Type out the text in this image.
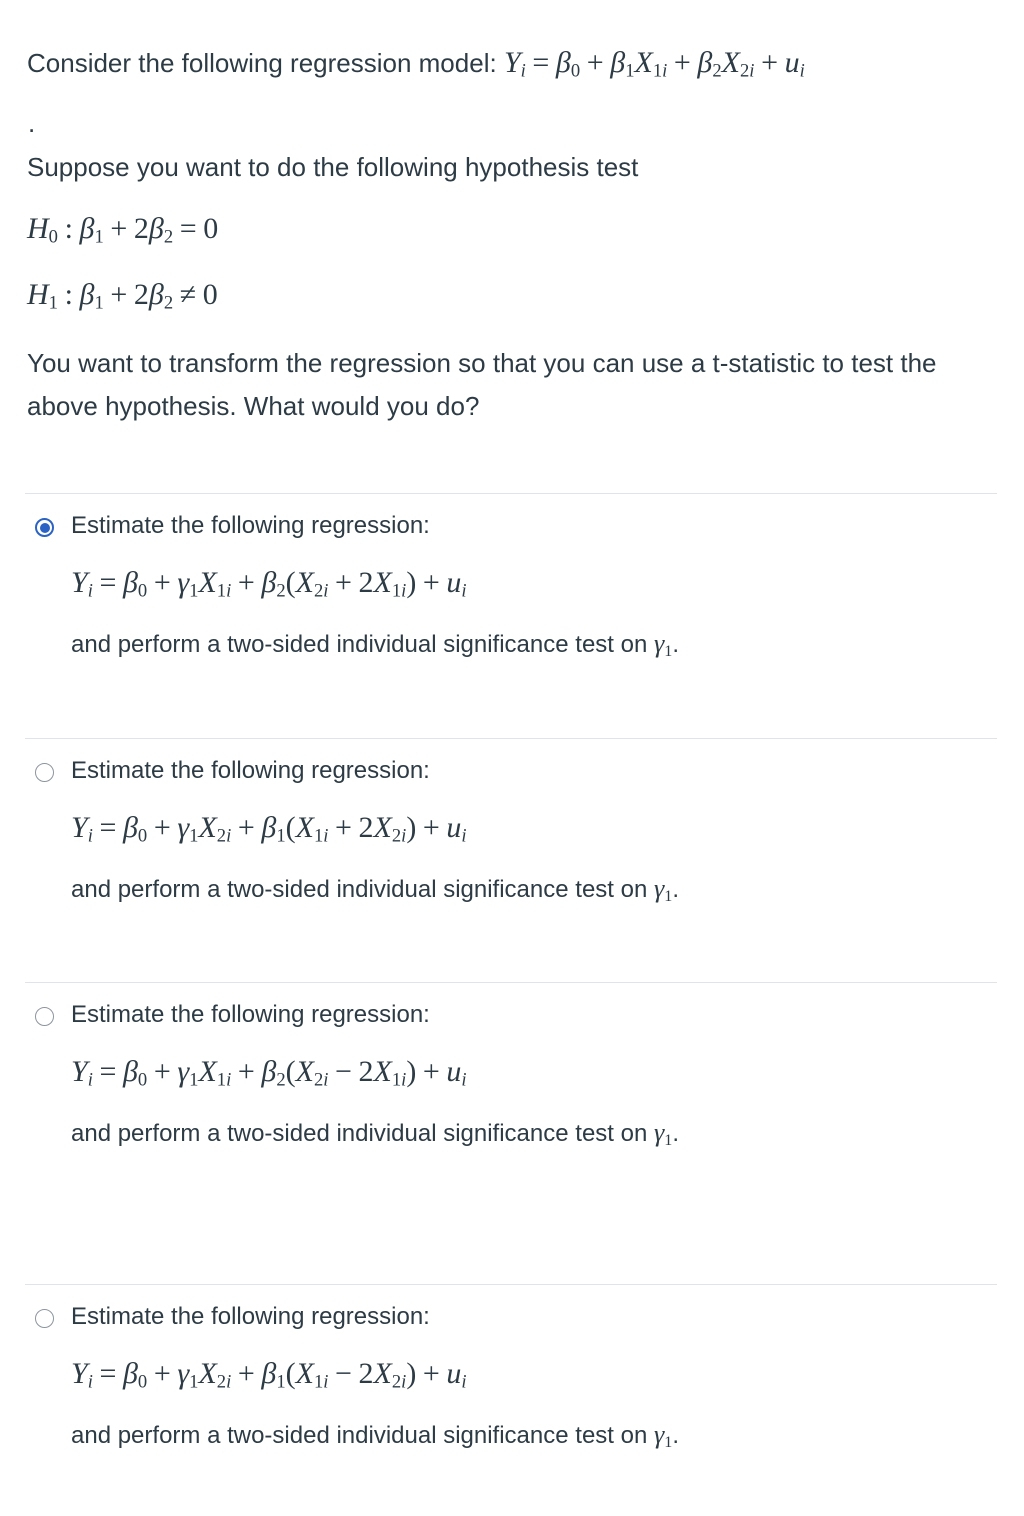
Consider the following regression model: $Y_i = \beta_0 + \beta_1X_{1i} + \beta_2X_{2i} + u_i$
.
Suppose you want to do the following hypothesis test
$H_0$ : $\beta_1 + 2\beta_2 = 0$
$H_1$ : $\beta_1 + 2\beta_2 \ne 0$
You want to transform the regression so that you can use a t-statistic to test the above hypothesis. What would you do?
Estimate the following regression:
$Y_i = \beta_0 + \gamma_1X_{1i} + \beta_2(X_{2i} + 2X_{1i}) + u_i$
and perform a two-sided individual significance test on $\gamma_1$.
Estimate the following regression:
$Y_i = \beta_0 + \gamma_1X_{2i} + \beta_1(X_{1i} + 2X_{2i}) + u_i$
and perform a two-sided individual significance test on $\gamma_1$.
Estimate the following regression:
$Y_i = \beta_0 + \gamma_1X_{1i} + \beta_2(X_{2i} - 2X_{1i}) + u_i$
and perform a two-sided individual significance test on $\gamma_1$.
Estimate the following regression:
$Y_i = \beta_0 + \gamma_1X_{2i} + \beta_1(X_{1i} - 2X_{2i}) + u_i$
and perform a two-sided individual significance test on $\gamma_1$.
